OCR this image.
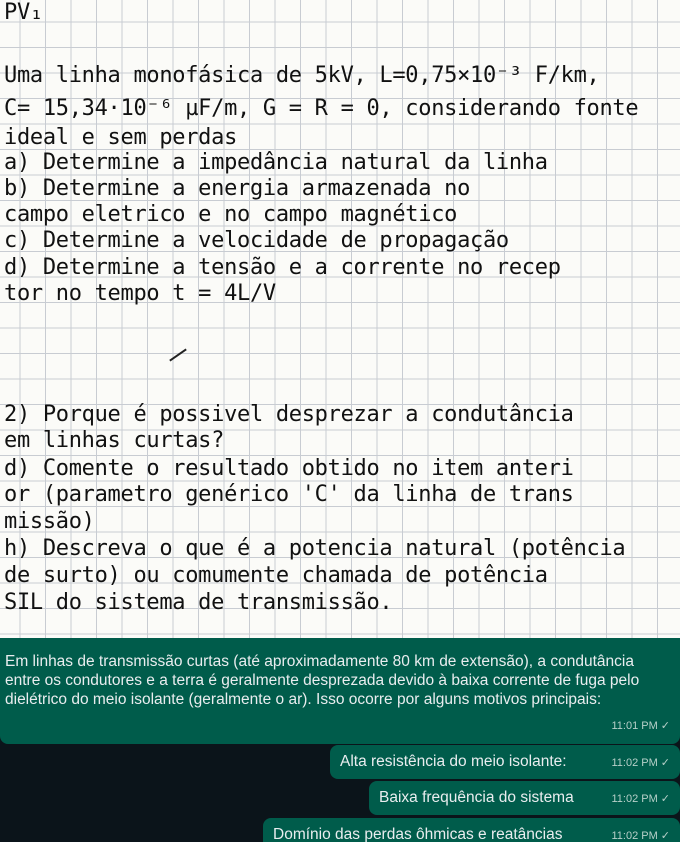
PV₁

Uma linha monofásica de 5kV, L=0,75×10⁻³ F/km,

C= 15,34·10⁻⁶ µF/m, G = R = 0, considerando fonte

ideal e sem perdas

a) Determine a impedância natural da linha

b) Determine a energia armazenada no

campo eletrico e no campo magnético

c) Determine a velocidade de propagação

d) Determine a tensão e a corrente no recep

tor no tempo t = 4L/V

2) Porque é possivel desprezar a condutância

em linhas curtas?

d) Comente o resultado obtido no item anteri

or (parametro genérico 'C' da linha de trans

missão)

h) Descreva o que é a potencia natural (potência

de surto) ou comumente chamada de potência

SIL do sistema de transmissão.

Em linhas de transmissão curtas (até aproximadamente 80 km de extensão), a condutância entre os condutores e a terra é geralmente desprezada devido à baixa corrente de fuga pelo dielétrico do meio isolante (geralmente o ar). Isso ocorre por alguns motivos principais:
11:01 PM ✓
Alta resistência do meio isolante:	11:02 PM ✓
Baixa frequência do sistema	11:02 PM ✓
Domínio das perdas ôhmicas e reatâncias	11:02 PM ✓
